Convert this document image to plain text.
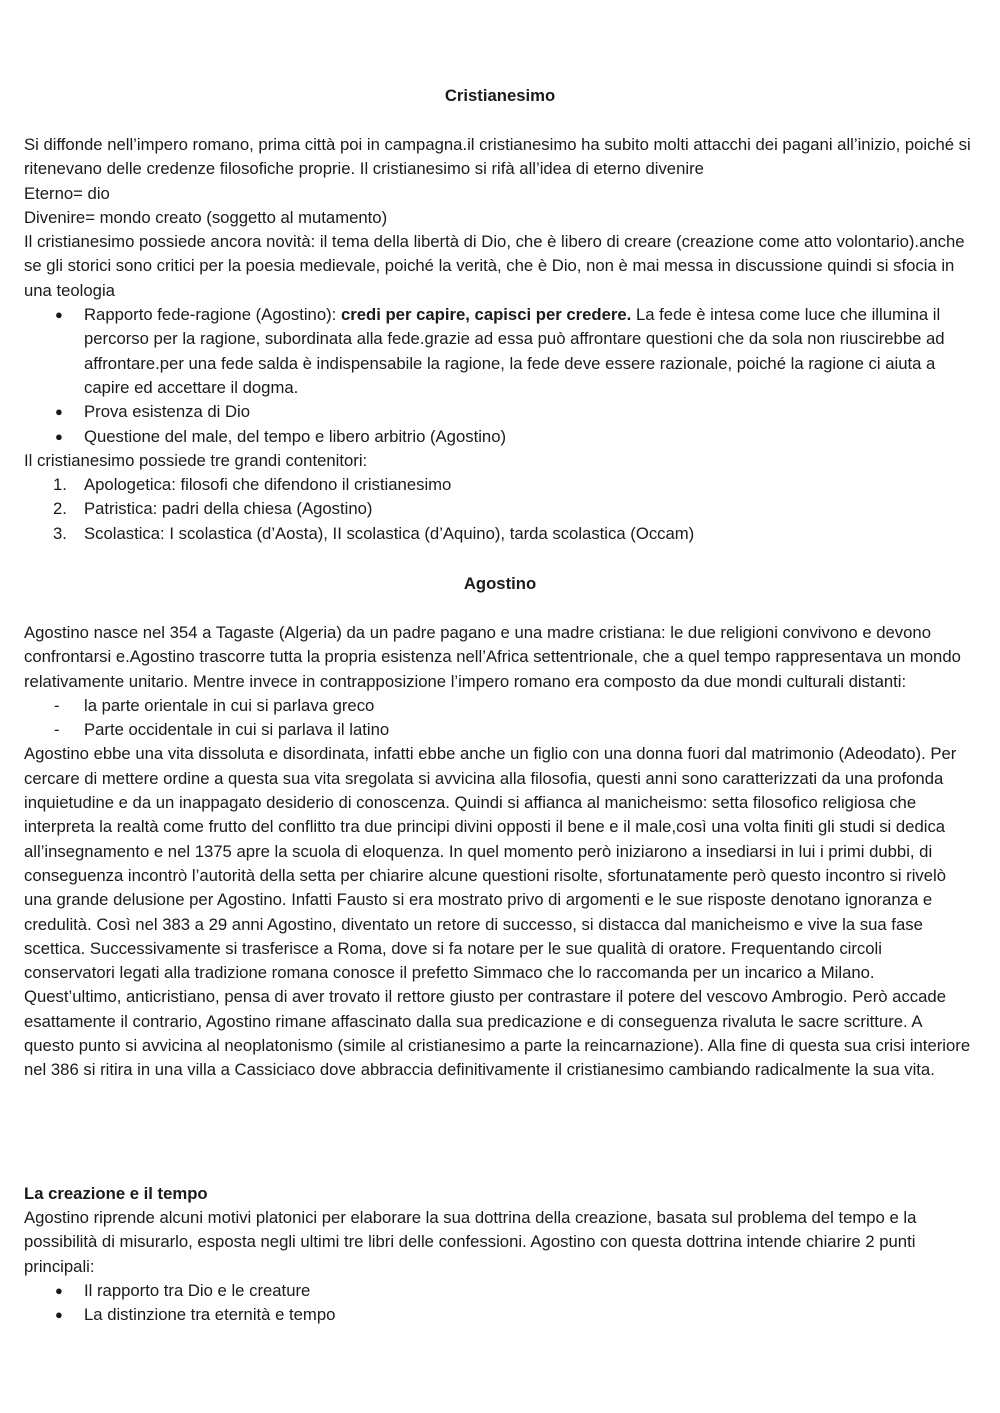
Cristianesimo

Si diffonde nell’impero romano, prima città poi in campagna.il cristianesimo ha subito molti attacchi dei pagani all’inizio, poiché si ritenevano delle credenze filosofiche proprie. Il cristianesimo si rifà all’idea di eterno divenire

Eterno= dio

Divenire= mondo creato (soggetto al mutamento)

Il cristianesimo possiede ancora novità: il tema della libertà di Dio, che è libero di creare (creazione come atto volontario).anche se gli storici sono critici per la poesia medievale, poiché la verità, che è Dio, non è mai messa in discussione quindi si sfocia in una teologia

●	Rapporto fede-ragione (Agostino): credi per capire, capisci per credere. La fede è intesa come luce che illumina il percorso per la ragione, subordinata alla fede.grazie ad essa può affrontare questioni che da sola non riuscirebbe ad affrontare.per una fede salda è indispensabile la ragione, la fede deve essere razionale, poiché la ragione ci aiuta a capire ed accettare il dogma.
●	Prova esistenza di Dio
●	Questione del male, del tempo e libero arbitrio (Agostino)

Il cristianesimo possiede tre grandi contenitori:

1.	Apologetica: filosofi che difendono il cristianesimo
2.	Patristica: padri della chiesa (Agostino)
3.	Scolastica: I scolastica (d’Aosta), II scolastica (d’Aquino), tarda scolastica (Occam)
Agostino

Agostino nasce nel 354 a Tagaste (Algeria) da un padre pagano e una madre cristiana: le due religioni convivono e devono confrontarsi e.Agostino trascorre tutta la propria esistenza nell’Africa settentrionale, che a quel tempo rappresentava un mondo relativamente unitario. Mentre invece in contrapposizione l’impero romano era composto da due mondi culturali distanti:

-	la parte orientale in cui si parlava greco
-	Parte occidentale in cui si parlava il latino

Agostino ebbe una vita dissoluta e disordinata, infatti ebbe anche un figlio con una donna fuori dal matrimonio (Adeodato). Per cercare di mettere ordine a questa sua vita sregolata si avvicina alla filosofia, questi anni sono caratterizzati da una profonda inquietudine e da un inappagato desiderio di conoscenza. Quindi si affianca al manicheismo: setta filosofico religiosa che interpreta la realtà come frutto del conflitto tra due principi divini opposti il bene e il male,così una volta finiti gli studi si dedica all’insegnamento e nel 1375 apre la scuola di eloquenza. In quel momento però iniziarono a insediarsi in lui i primi dubbi, di conseguenza incontrò l’autorità della setta per chiarire alcune questioni risolte, sfortunatamente però questo incontro si rivelò una grande delusione per Agostino. Infatti Fausto si era mostrato privo di argomenti e le sue risposte denotano ignoranza e credulità. Così nel 383 a 29 anni Agostino, diventato un retore di successo, si distacca dal manicheismo e vive la sua fase scettica. Successivamente si trasferisce a Roma, dove si fa notare per le sue qualità di oratore. Frequentando circoli conservatori legati alla tradizione romana conosce il prefetto Simmaco che lo raccomanda per un incarico a Milano. Quest’ultimo, anticristiano, pensa di aver trovato il rettore giusto per contrastare il potere del vescovo Ambrogio. Però accade esattamente il contrario, Agostino rimane affascinato dalla sua predicazione e di conseguenza rivaluta le sacre scritture. A questo punto si avvicina al neoplatonismo (simile al cristianesimo a parte la reincarnazione). Alla fine di questa sua crisi interiore nel 386 si ritira in una villa a Cassiciaco dove abbraccia definitivamente il cristianesimo cambiando radicalmente la sua vita.

La creazione e il tempo

Agostino riprende alcuni motivi platonici per elaborare la sua dottrina della creazione, basata sul problema del tempo e la possibilità di misurarlo, esposta negli ultimi tre libri delle confessioni. Agostino con questa dottrina intende chiarire 2 punti principali:

●	Il rapporto tra Dio e le creature
●	La distinzione tra eternità e tempo
